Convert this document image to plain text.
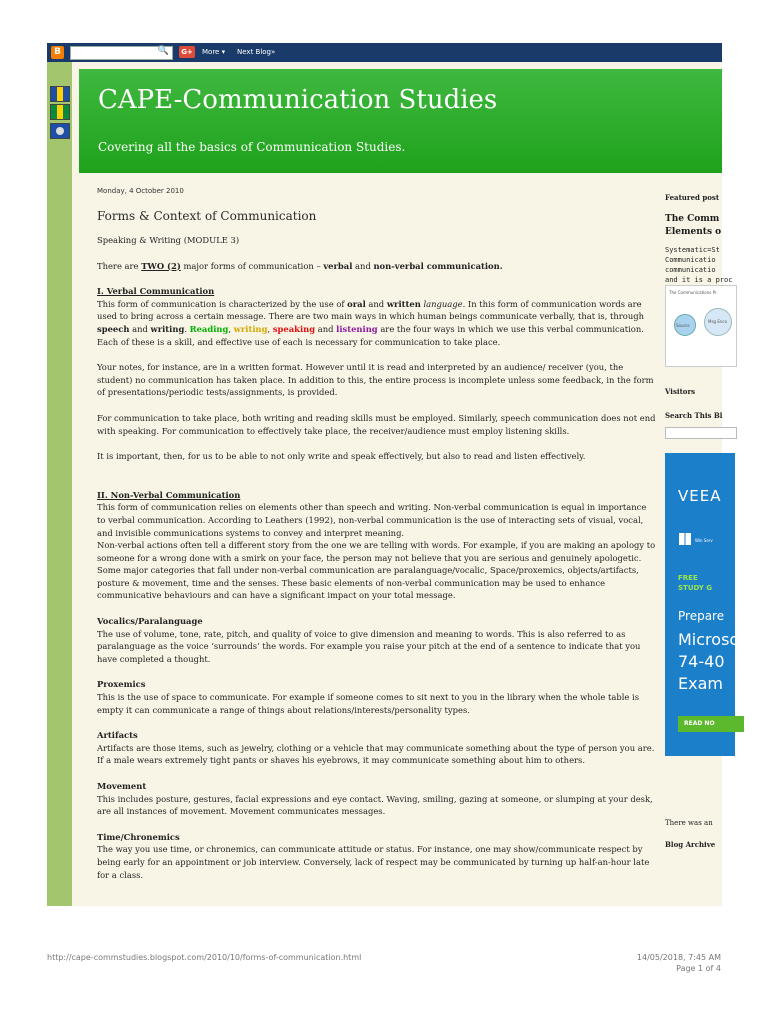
B	🔍	G+	More ▾ Next Blog»
CAPE-Communication Studies
Covering all the basics of Communication Studies.

Monday, 4 October 2010

Forms & Context of Communication

Speaking & Writing (MODULE 3)

There are TWO (2) major forms of communication – verbal and non-verbal communication.

I. Verbal Communication

This form of communication is characterized by the use of oral and written language. In this form of communication words are used to bring across a certain message. There are two main ways in which human beings communicate verbally, that is, through speech and writing. Reading, writing, speaking and listening are the four ways in which we use this verbal communication. Each of these is a skill, and effective use of each is necessary for communication to take place.

Your notes, for instance, are in a written format. However until it is read and interpreted by an audience/ receiver (you, the student) no communication has taken place. In addition to this, the entire process is incomplete unless some feedback, in the form of presentations/periodic tests/assignments, is provided.

For communication to take place, both writing and reading skills must be employed. Similarly, speech communication does not end with speaking. For communication to effectively take place, the receiver/audience must employ listening skills.

It is important, then, for us to be able to not only write and speak effectively, but also to read and listen effectively.

II. Non-Verbal Communication

This form of communication relies on elements other than speech and writing. Non-verbal communication is equal in importance to verbal communication. According to Leathers (1992), non-verbal communication is the use of interacting sets of visual, vocal, and invisible communications systems to convey and interpret meaning.

Non-verbal actions often tell a different story from the one we are telling with words. For example, if you are making an apology to someone for a wrong done with a smirk on your face, the person may not believe that you are serious and genuinely apologetic. Some major categories that fall under non-verbal communication are paralanguage/vocalic, Space/proxemics, objects/artifacts, posture & movement, time and the senses. These basic elements of non-verbal communication may be used to enhance communicative behaviours and can have a significant impact on your total message.

Vocalics/Paralanguage

The use of volume, tone, rate, pitch, and quality of voice to give dimension and meaning to words. This is also referred to as paralanguage as the voice ‘surrounds’ the words. For example you raise your pitch at the end of a sentence to indicate that you have completed a thought.

Proxemics

This is the use of space to communicate. For example if someone comes to sit next to you in the library when the whole table is empty it can communicate a range of things about relations/interests/personality types.

Artifacts

Artifacts are those items, such as jewelry, clothing or a vehicle that may communicate something about the type of person you are. If a male wears extremely tight pants or shaves his eyebrows, it may communicate something about him to others.

Movement

This includes posture, gestures, facial expressions and eye contact. Waving, smiling, gazing at someone, or slumping at your desk, are all instances of movement. Movement communicates messages.

Time/Chronemics

The way you use time, or chronemics, can communicate attitude or status. For instance, one may show/communicate respect by being early for an appointment or job interview. Conversely, lack of respect may be communicated by turning up half-an-hour late for a class.

Featured post
The Comm
Elements o
Systematic=St
Communicatio
communicatio
and it is a proc
The Communications Pr
Source
Msg Enco
Visitors
Search This Bl
VEEA
Win Serv
FREE
STUDY G
Prepare
Microso
74-40
Exam
READ NO
There was an
Blog Archive
http://cape-commstudies.blogspot.com/2010/10/forms-of-communication.html	14/05/2018, 7:45 AM
Page 1 of 4
